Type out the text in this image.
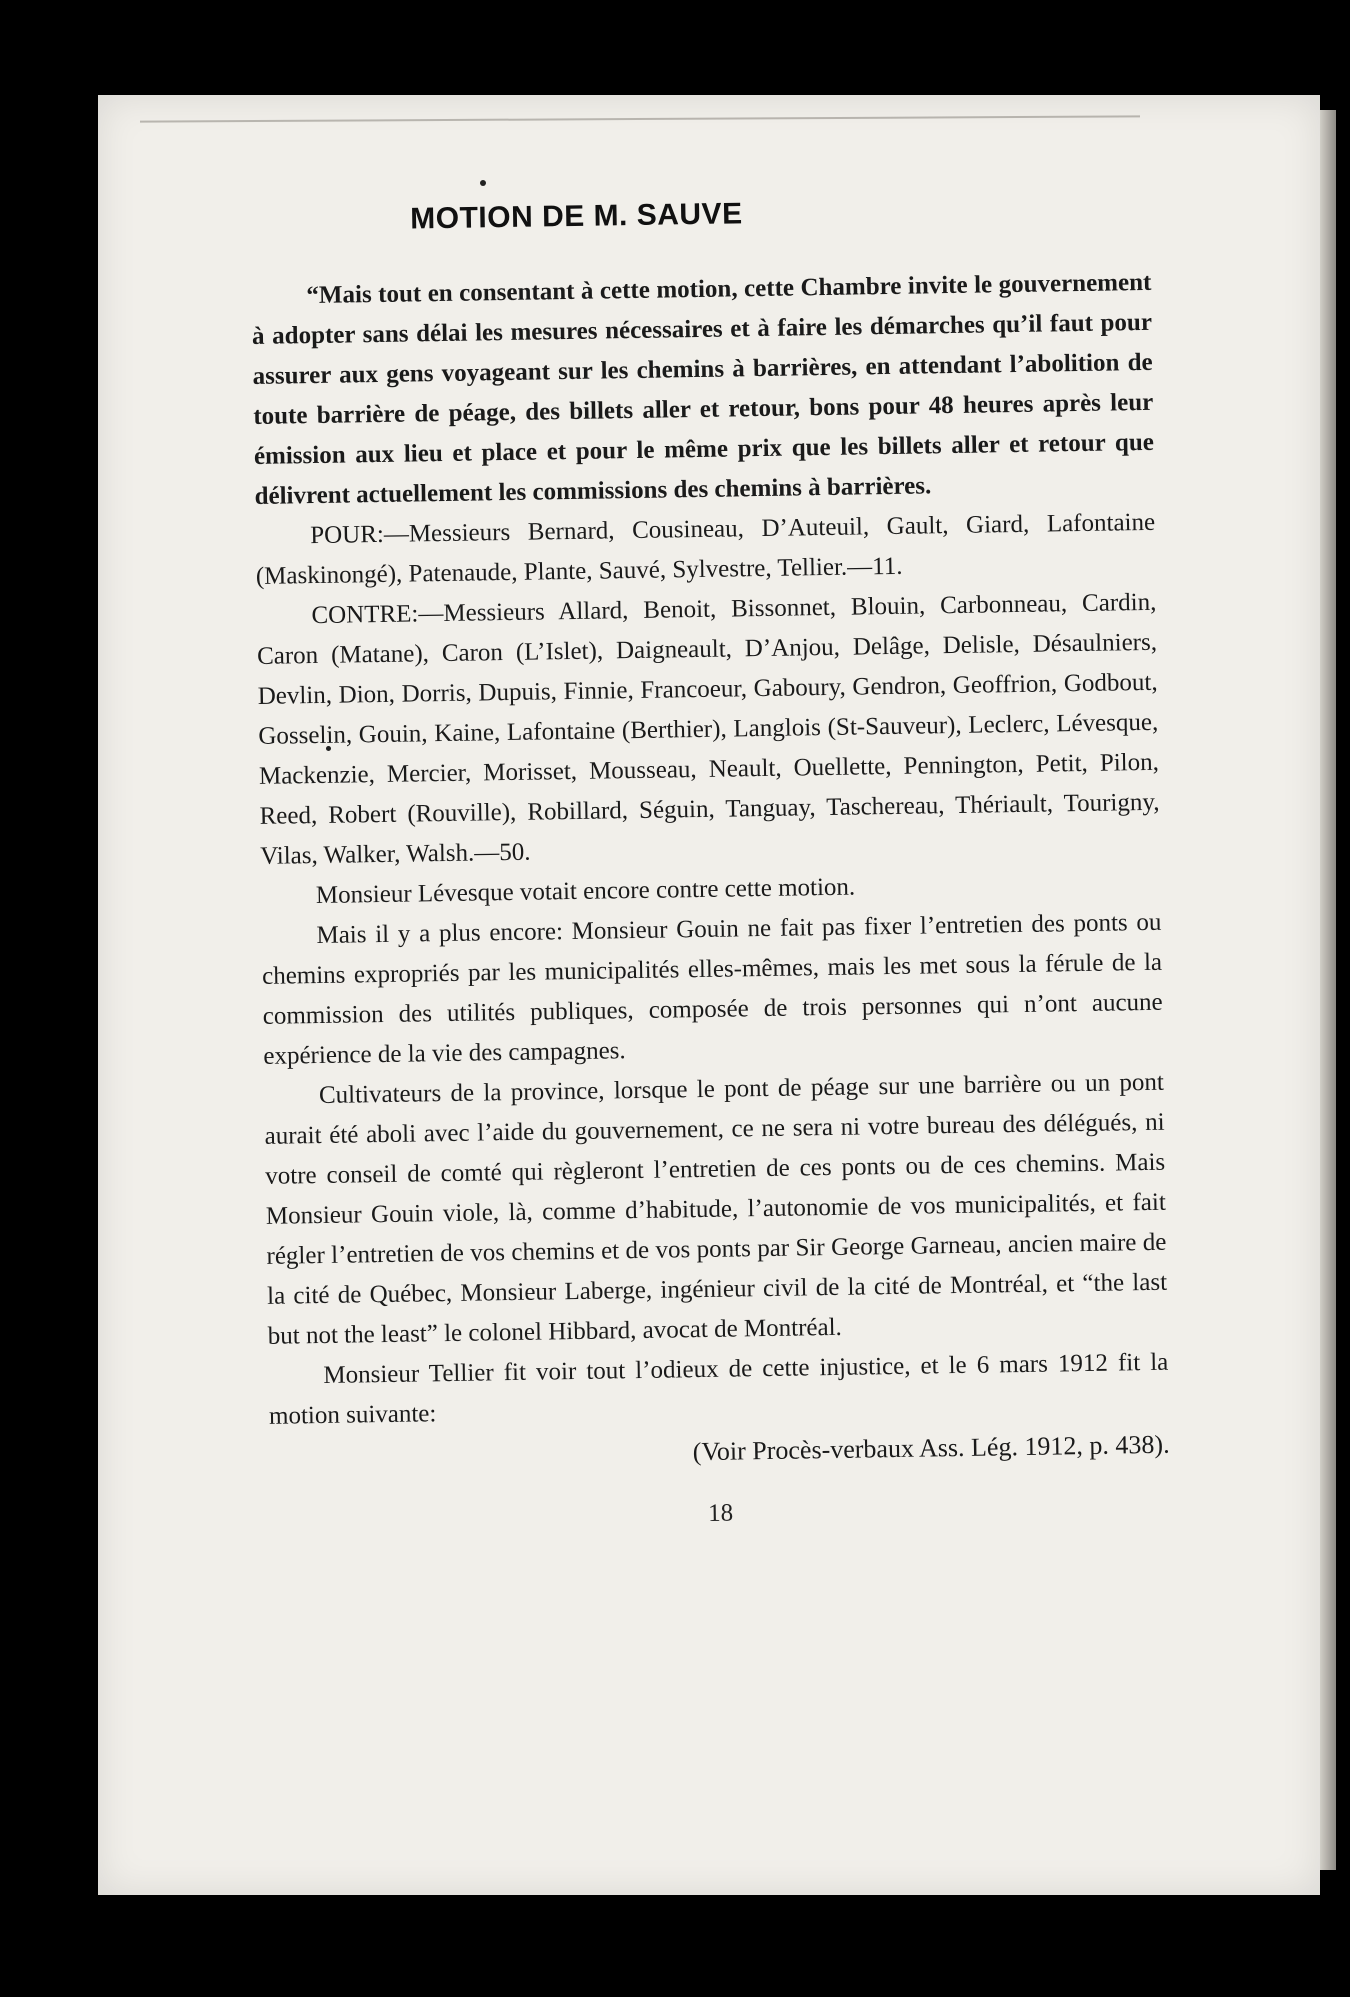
MOTION DE M. SAUVE

“Mais tout en consentant à cette motion, cette Chambre invite le gouvernement à adopter sans délai les mesures nécessaires et à faire les démarches qu’il faut pour assurer aux gens voyageant sur les chemins à barrières, en attendant l’abolition de toute barrière de péage, des billets aller et retour, bons pour 48 heures après leur émission aux lieu et place et pour le même prix que les billets aller et retour que délivrent actuellement les commissions des chemins à barrières.

POUR:—Messieurs Bernard, Cousineau, D’Auteuil, Gault, Giard, Lafontaine (Maskinongé), Patenaude, Plante, Sauvé, Sylvestre, Tellier.—11.

CONTRE:—Messieurs Allard, Benoit, Bissonnet, Blouin, Carbonneau, Cardin, Caron (Matane), Caron (L’Islet), Daigneault, D’Anjou, Delâge, Delisle, Désaulniers, Devlin, Dion, Dorris, Dupuis, Finnie, Francoeur, Gaboury, Gendron, Geoffrion, Godbout, Gosselin, Gouin, Kaine, Lafontaine (Berthier), Langlois (St-Sauveur), Leclerc, Lévesque, Mackenzie, Mercier, Morisset, Mousseau, Neault, Ouellette, Pennington, Petit, Pilon, Reed, Robert (Rouville), Robillard, Séguin, Tanguay, Taschereau, Thériault, Tourigny, Vilas, Walker, Walsh.—50.

Monsieur Lévesque votait encore contre cette motion.

Mais il y a plus encore: Monsieur Gouin ne fait pas fixer l’entretien des ponts ou chemins expropriés par les municipalités elles-mêmes, mais les met sous la férule de la commission des utilités publiques, composée de trois personnes qui n’ont aucune expérience de la vie des campagnes.

Cultivateurs de la province, lorsque le pont de péage sur une barrière ou un pont aurait été aboli avec l’aide du gouvernement, ce ne sera ni votre bureau des délégués, ni votre conseil de comté qui règleront l’entretien de ces ponts ou de ces chemins. Mais Monsieur Gouin viole, là, comme d’habitude, l’autonomie de vos municipalités, et fait régler l’entretien de vos chemins et de vos ponts par Sir George Garneau, ancien maire de la cité de Québec, Monsieur Laberge, ingénieur civil de la cité de Montréal, et “the last but not the least” le colonel Hibbard, avocat de Montréal.

Monsieur Tellier fit voir tout l’odieux de cette injustice, et le 6 mars 1912 fit la motion suivante:

(Voir Procès-verbaux Ass. Lég. 1912, p. 438).
18
